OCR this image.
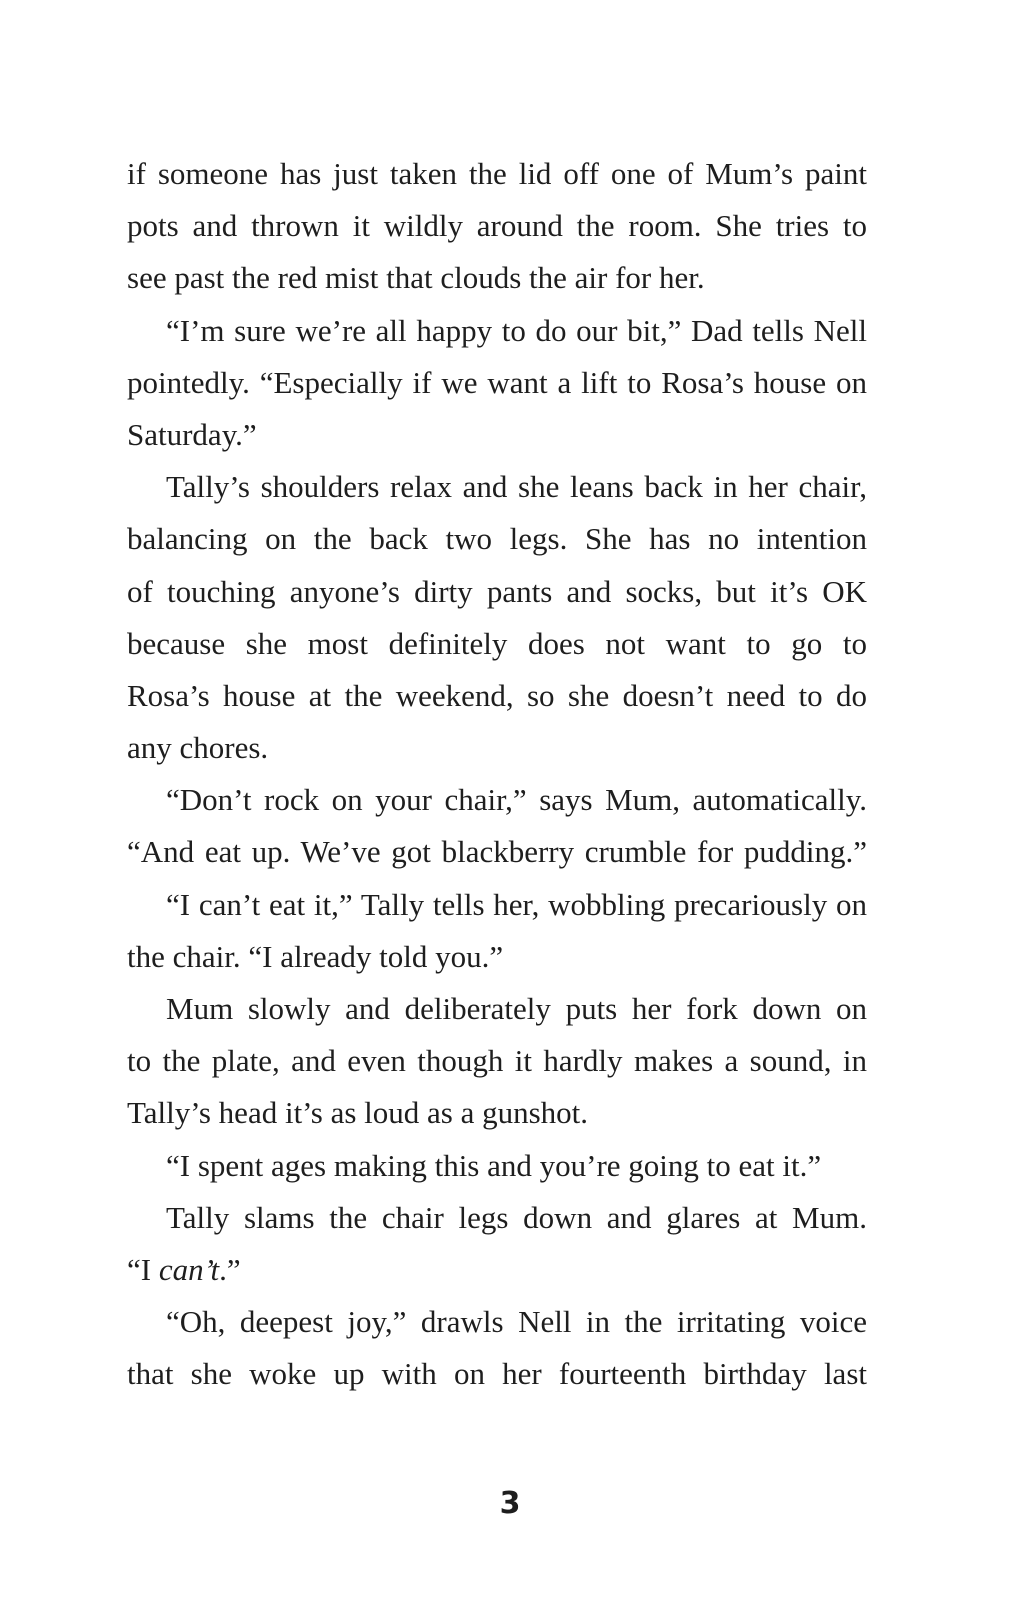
if someone has just taken the lid off one of Mum’s paint
pots and thrown it wildly around the room. She tries to
see past the red mist that clouds the air for her.
“I’m sure we’re all happy to do our bit,” Dad tells Nell
pointedly. “Especially if we want a lift to Rosa’s house on
Saturday.”
Tally’s shoulders relax and she leans back in her chair,
balancing on the back two legs. She has no intention
of touching anyone’s dirty pants and socks, but it’s OK
because she most definitely does not want to go to
Rosa’s house at the weekend, so she doesn’t need to do
any chores.
“Don’t rock on your chair,” says Mum, automatically.
“And eat up. We’ve got blackberry crumble for pudding.”
“I can’t eat it,” Tally tells her, wobbling precariously on
the chair. “I already told you.”
Mum slowly and deliberately puts her fork down on
to the plate, and even though it hardly makes a sound, in
Tally’s head it’s as loud as a gunshot.
“I spent ages making this and you’re going to eat it.”
Tally slams the chair legs down and glares at Mum.
“I can’t.”
“Oh, deepest joy,” drawls Nell in the irritating voice
that she woke up with on her fourteenth birthday last
3
